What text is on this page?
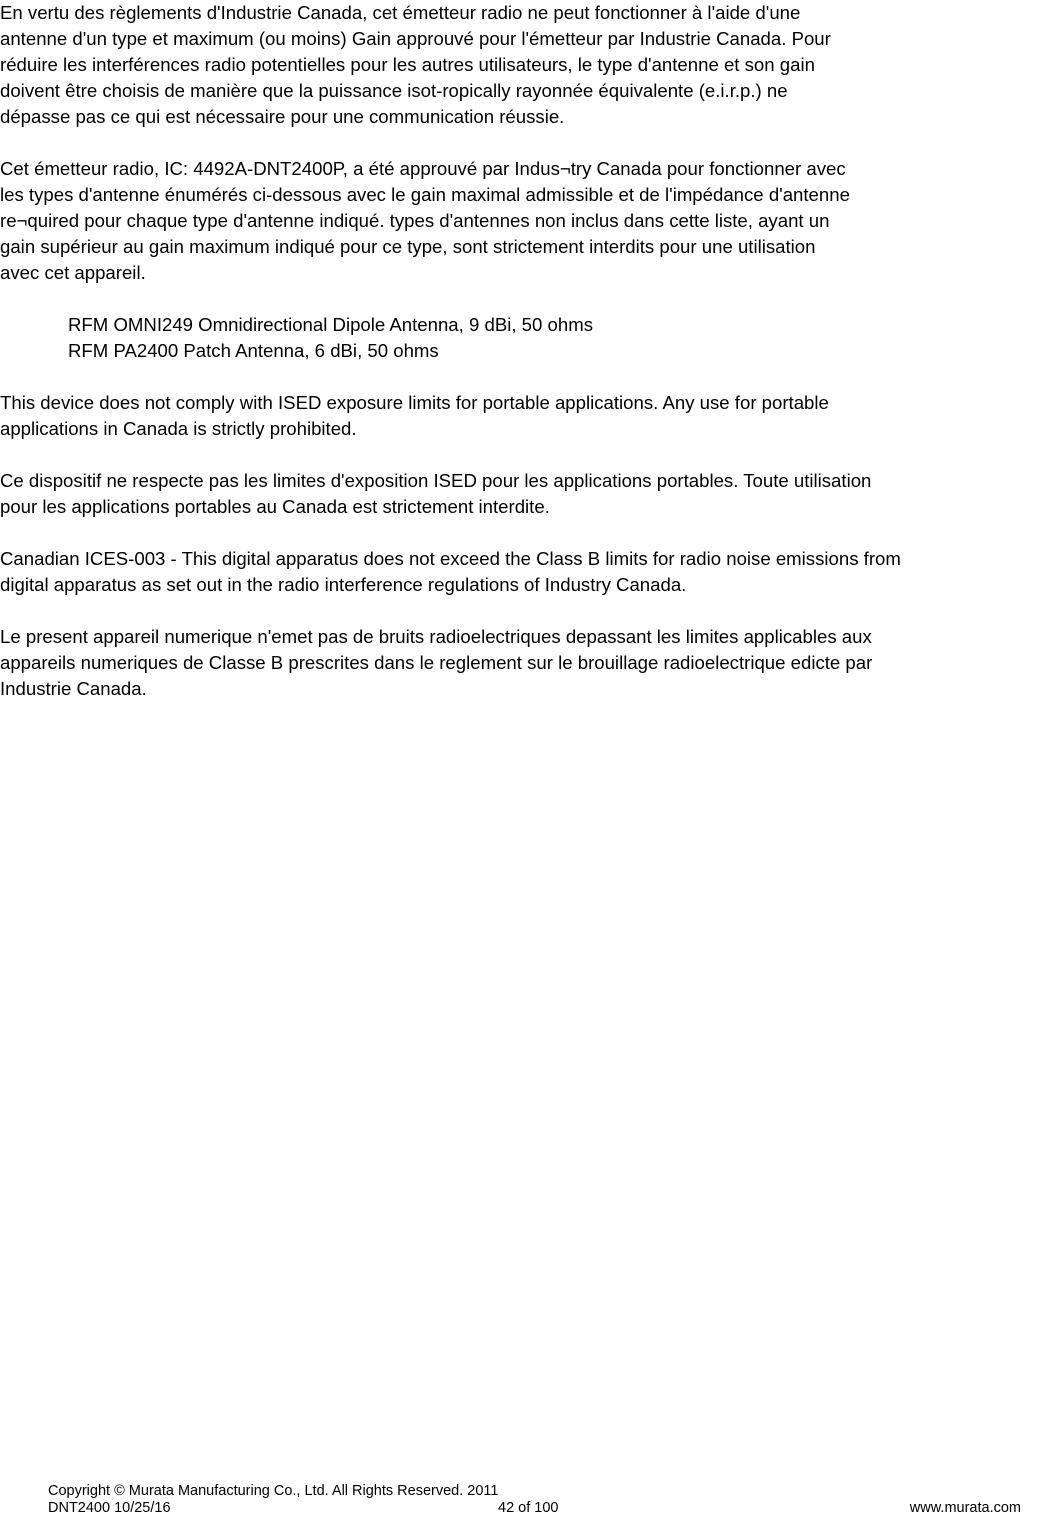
En vertu des règlements d'Industrie Canada, cet émetteur radio ne peut fonctionner à l'aide d'une
antenne d'un type et maximum (ou moins) Gain approuvé pour l'émetteur par Industrie Canada. Pour
réduire les interférences radio potentielles pour les autres utilisateurs, le type d'antenne et son gain
doivent être choisis de manière que la puissance isot-ropically rayonnée équivalente (e.i.r.p.) ne
dépasse pas ce qui est nécessaire pour une communication réussie.
Cet émetteur radio, IC: 4492A-DNT2400P, a été approuvé par Indus¬try Canada pour fonctionner avec
les types d'antenne énumérés ci-dessous avec le gain maximal admissible et de l'impédance d'antenne
re¬quired pour chaque type d'antenne indiqué. types d'antennes non inclus dans cette liste, ayant un
gain supérieur au gain maximum indiqué pour ce type, sont strictement interdits pour une utilisation
avec cet appareil.
RFM OMNI249 Omnidirectional Dipole Antenna, 9 dBi, 50 ohms
RFM PA2400 Patch Antenna, 6 dBi, 50 ohms
This device does not comply with ISED exposure limits for portable applications. Any use for portable
applications in Canada is strictly prohibited.
Ce dispositif ne respecte pas les limites d'exposition ISED pour les applications portables. Toute utilisation
pour les applications portables au Canada est strictement interdite.
Canadian ICES-003 - This digital apparatus does not exceed the Class B limits for radio noise emissions from
digital apparatus as set out in the radio interference regulations of Industry Canada.
Le present appareil numerique n'emet pas de bruits radioelectriques depassant les limites applicables aux
appareils numeriques de Classe B prescrites dans le reglement sur le brouillage radioelectrique edicte par
Industrie Canada.
Copyright © Murata Manufacturing Co., Ltd. All Rights Reserved. 2011
DNT2400 10/25/16	42 of 100	www.murata.com
